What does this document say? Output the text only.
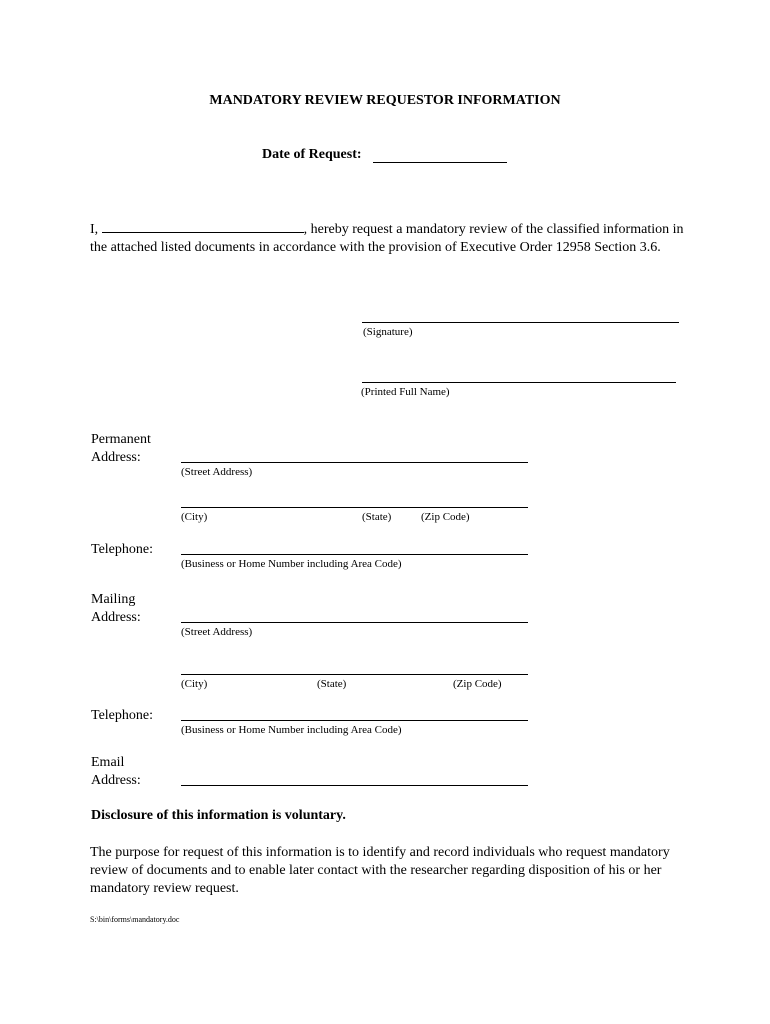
MANDATORY REVIEW REQUESTOR INFORMATION
Date of Request:
I,	, hereby request a mandatory review of the classified information in the attached listed documents in accordance with the provision of Executive Order 12958 Section 3.6.
(Signature)
(Printed Full Name)
Permanent
Address:
(Street Address)
(City)	(State)	(Zip Code)
Telephone:
(Business or Home Number including Area Code)
Mailing
Address:
(Street Address)
(City)	(State)	(Zip Code)
Telephone:
(Business or Home Number including Area Code)
Email
Address:
Disclosure of this information is voluntary.
The purpose for request of this information is to identify and record individuals who request mandatory review of documents and to enable later contact with the researcher regarding disposition of his or her mandatory review request.
S:\bin\forms\mandatory.doc
